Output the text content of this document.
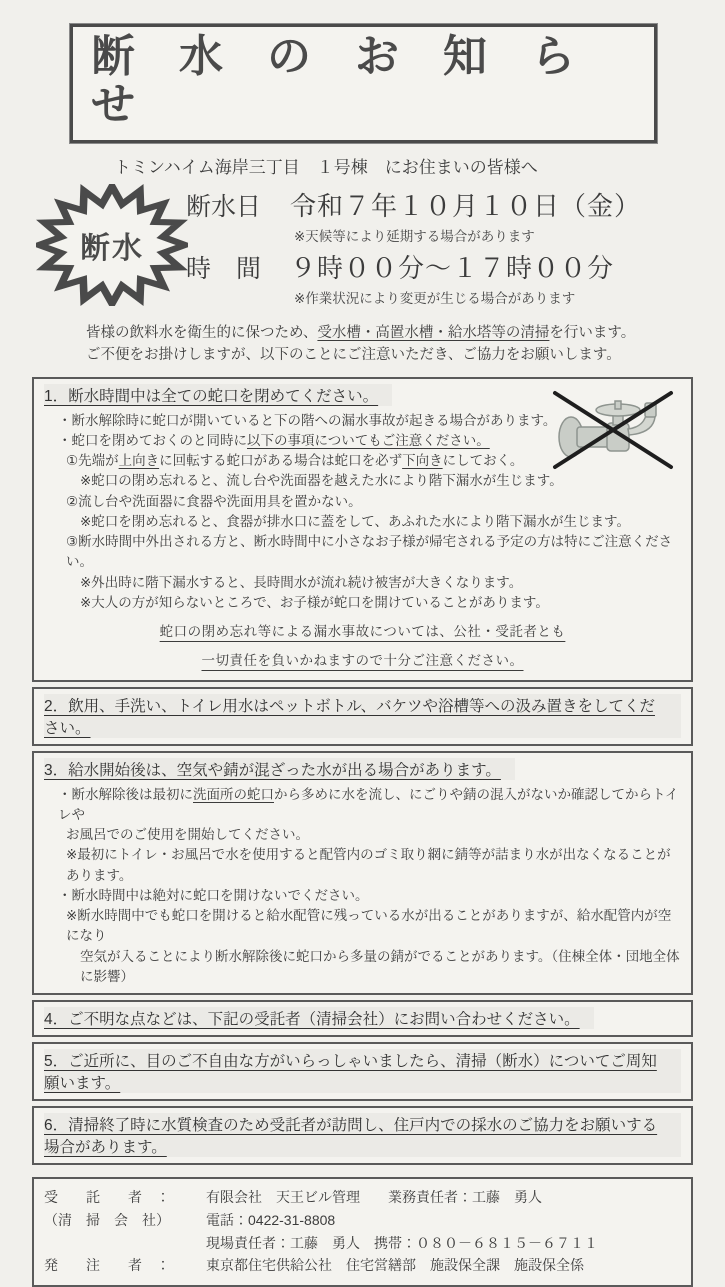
断　水　の　お　知　ら　せ
トミンハイム海岸三丁目　１号棟　にお住まいの皆様へ
断水
断水日	令和７年１０月１０日（金）
※天候等により延期する場合があります
時　間	９時００分～１７時００分
※作業状況により変更が生じる場合があります
皆様の飲料水を衛生的に保つため、受水槽・高置水槽・給水塔等の清掃を行います。
ご不便をお掛けしますが、以下のことにご注意いただき、ご協力をお願いします。
1．断水時間中は全ての蛇口を閉めてください。

・断水解除時に蛇口が開いていると下の階への漏水事故が起きる場合があります。

・蛇口を閉めておくのと同時に以下の事項についてもご注意ください。

①先端が上向きに回転する蛇口がある場合は蛇口を必ず下向きにしておく。

※蛇口の閉め忘れると、流し台や洗面器を越えた水により階下漏水が生じます。

②流し台や洗面器に食器や洗面用具を置かない。

※蛇口を閉め忘れると、食器が排水口に蓋をして、あふれた水により階下漏水が生じます。

③断水時間中外出される方と、断水時間中に小さなお子様が帰宅される予定の方は特にご注意ください。

※外出時に階下漏水すると、長時間水が流れ続け被害が大きくなります。

※大人の方が知らないところで、お子様が蛇口を開けていることがあります。

蛇口の閉め忘れ等による漏水事故については、公社・受託者とも

一切責任を負いかねますので十分ご注意ください。

2．飲用、手洗い、トイレ用水はペットボトル、バケツや浴槽等への汲み置きをしてください。
3．給水開始後は、空気や錆が混ざった水が出る場合があります。

・断水解除後は最初に洗面所の蛇口から多めに水を流し、にごりや錆の混入がないか確認してからトイレや

お風呂でのご使用を開始してください。

※最初にトイレ・お風呂で水を使用すると配管内のゴミ取り網に錆等が詰まり水が出なくなることがあります。

・断水時間中は絶対に蛇口を開けないでください。

※断水時間中でも蛇口を開けると給水配管に残っている水が出ることがありますが、給水配管内が空になり

空気が入ることにより断水解除後に蛇口から多量の錆がでることがあります。（住棟全体・団地全体に影響）

4．ご不明な点などは、下記の受託者（清掃会社）にお問い合わせください。
5．ご近所に、目のご不自由な方がいらっしゃいましたら、清掃（断水）についてご周知願います。
6．清掃終了時に水質検査のため受託者が訪問し、住戸内での採水のご協力をお願いする場合があります。
受　　託　　者　：	有限会社　天王ビル管理　　業務責任者：工藤　勇人
（清　掃　会　社）	電話：0422-31-8808
現場責任者：工藤　勇人　携帯：０８０－６８１５－６７１１
発　　注　　者　：	東京都住宅供給公社　住宅営繕部　施設保全課　施設保全係
